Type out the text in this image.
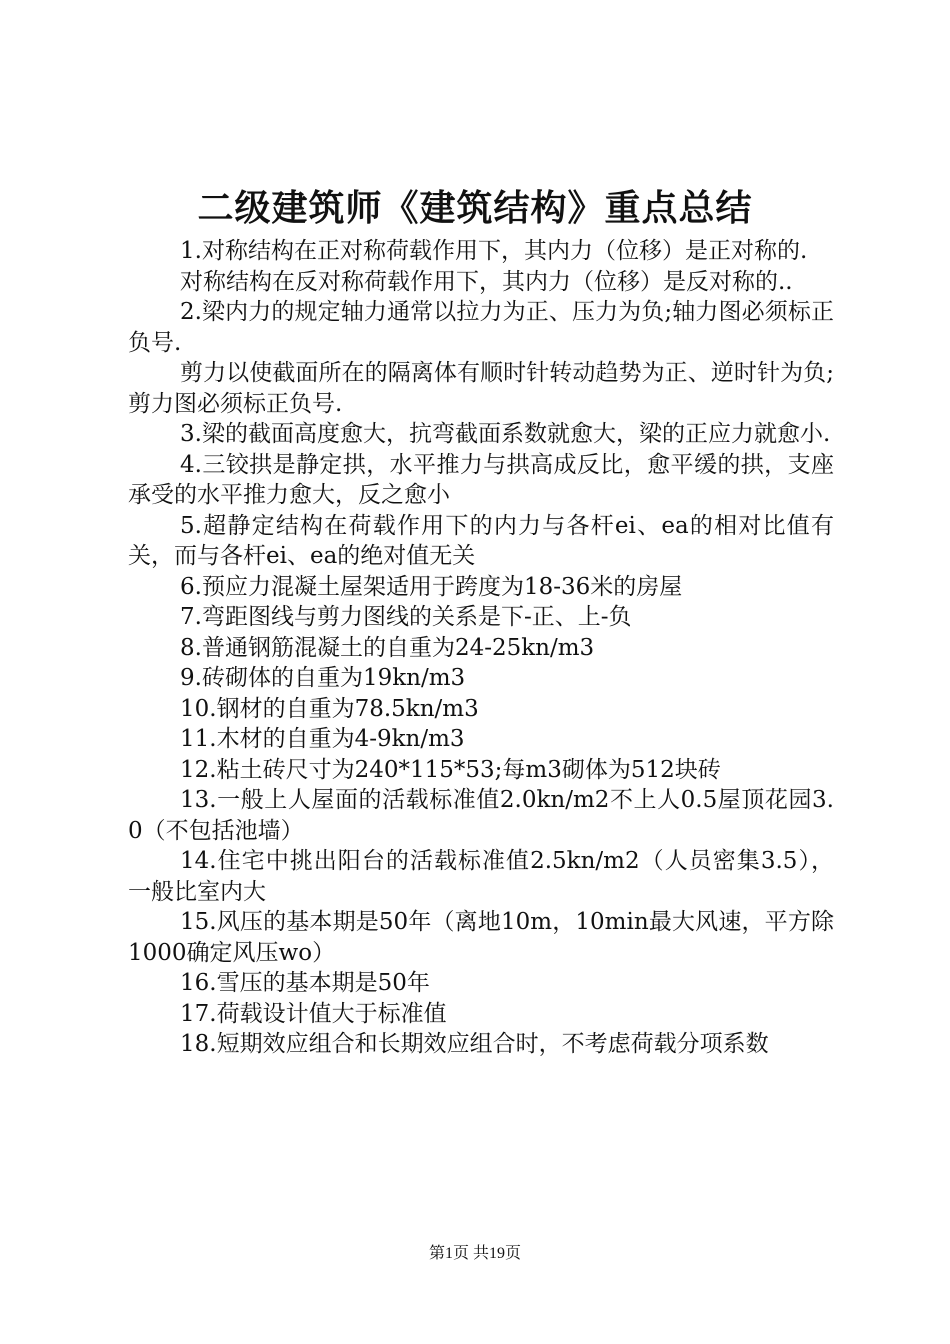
二级建筑师《建筑结构》重点总结

1.对称结构在正对称荷载作用下，其内力（位移）是正对称的.

对称结构在反对称荷载作用下，其内力（位移）是反对称的..

2.梁内力的规定轴力通常以拉力为正、压力为负;轴力图必须标正负号.

剪力以使截面所在的隔离体有顺时针转动趋势为正、逆时针为负;剪力图必须标正负号.

3.梁的截面高度愈大，抗弯截面系数就愈大，梁的正应力就愈小.

4.三铰拱是静定拱，水平推力与拱高成反比，愈平缓的拱，支座承受的水平推力愈大，反之愈小

5.超静定结构在荷载作用下的内力与各杆ei、ea的相对比值有关，而与各杆ei、ea的绝对值无关

6.预应力混凝土屋架适用于跨度为18-36米的房屋

7.弯距图线与剪力图线的关系是下-正、上-负

8.普通钢筋混凝土的自重为24-25kn/m3

9.砖砌体的自重为19kn/m3

10.钢材的自重为78.5kn/m3

11.木材的自重为4-9kn/m3

12.粘土砖尺寸为240*115*53;每m3砌体为512块砖

13.一般上人屋面的活载标准值2.0kn/m2不上人0.5屋顶花园3.0（不包括池墙）

14.住宅中挑出阳台的活载标准值2.5kn/m2（人员密集3.5），一般比室内大

15.风压的基本期是50年（离地10m，10min最大风速，平方除1000确定风压wo）

16.雪压的基本期是50年

17.荷载设计值大于标准值

18.短期效应组合和长期效应组合时，不考虑荷载分项系数

第1页 共19页
